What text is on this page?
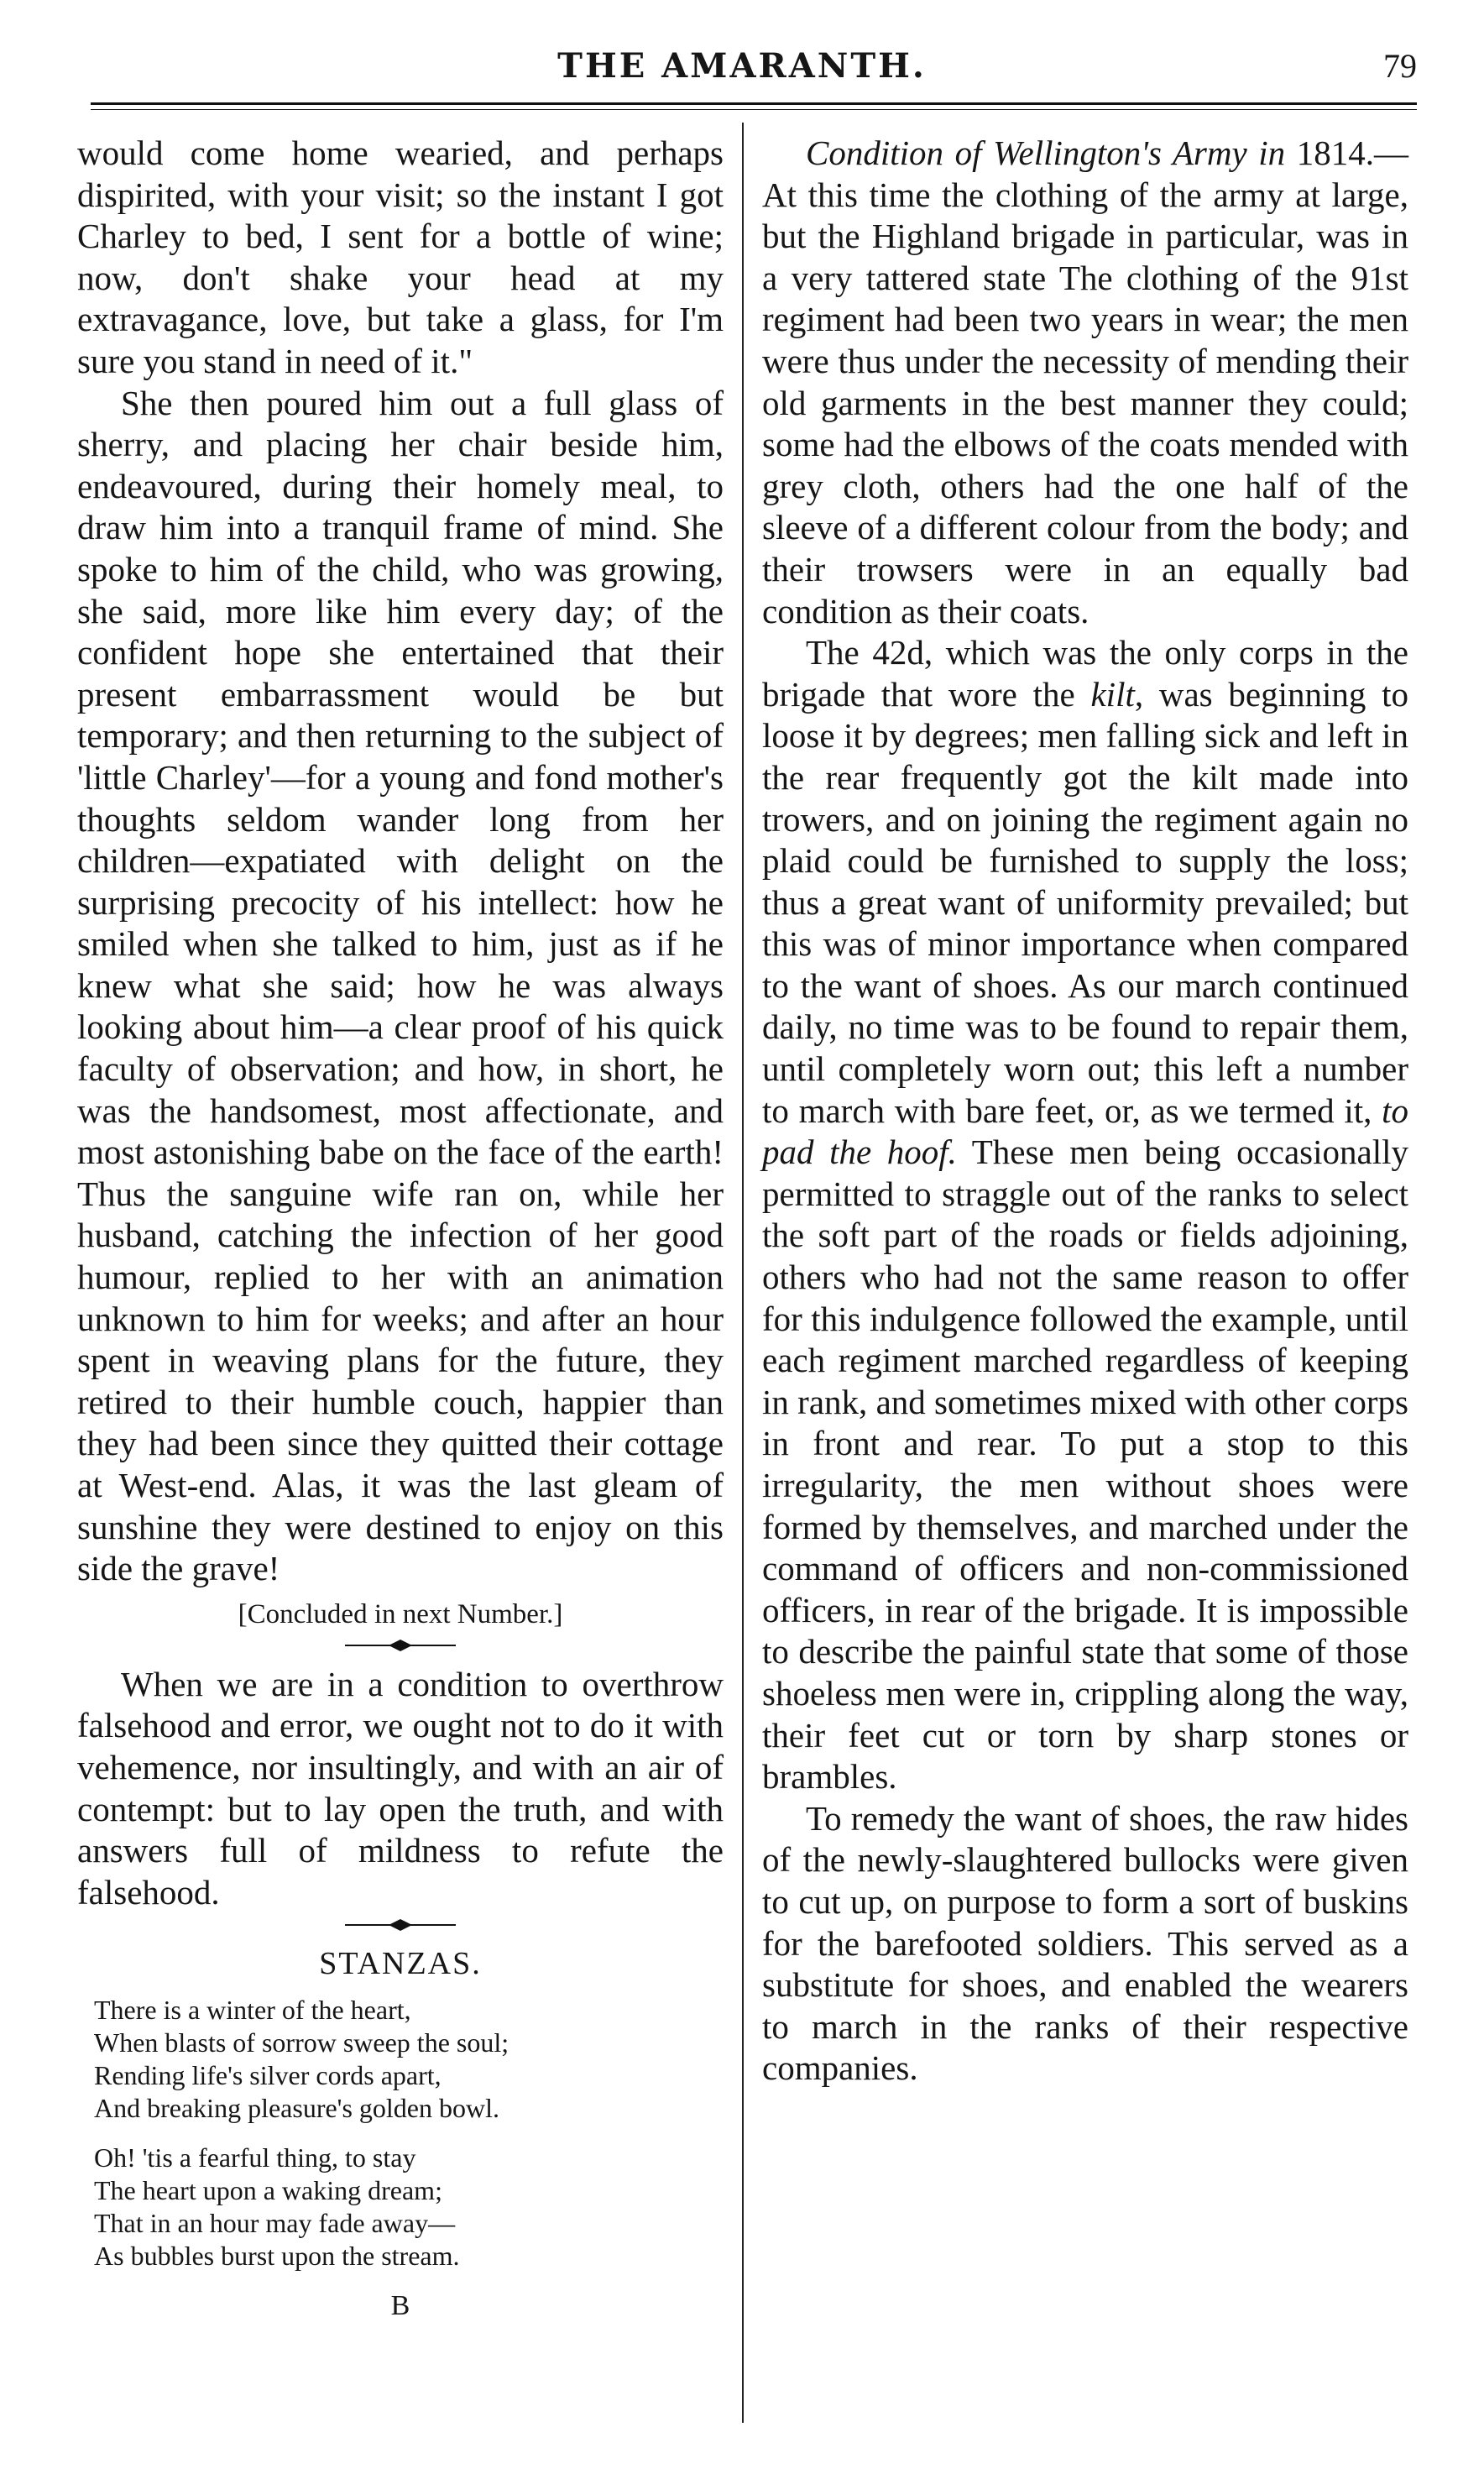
THE AMARANTH.	79

would come home wearied, and perhaps dispirited, with your visit; so the instant I got Charley to bed, I sent for a bottle of wine; now, don't shake your head at my extravagance, love, but take a glass, for I'm sure you stand in need of it."

She then poured him out a full glass of sherry, and placing her chair beside him, endeavoured, during their homely meal, to draw him into a tranquil frame of mind. She spoke to him of the child, who was growing, she said, more like him every day; of the confident hope she entertained that their present embarrassment would be but temporary; and then returning to the subject of 'little Charley'—for a young and fond mother's thoughts seldom wander long from her children—expatiated with delight on the surprising precocity of his intellect: how he smiled when she talked to him, just as if he knew what she said; how he was always looking about him—a clear proof of his quick faculty of observation; and how, in short, he was the handsomest, most affectionate, and most astonishing babe on the face of the earth! Thus the sanguine wife ran on, while her husband, catching the infection of her good humour, replied to her with an animation unknown to him for weeks; and after an hour spent in weaving plans for the future, they retired to their humble couch, happier than they had been since they quitted their cottage at West-end. Alas, it was the last gleam of sunshine they were destined to enjoy on this side the grave!

[Concluded in next Number.]

When we are in a condition to overthrow falsehood and error, we ought not to do it with vehemence, nor insultingly, and with an air of contempt: but to lay open the truth, and with answers full of mildness to refute the falsehood.

STANZAS.
There is a winter of the heart,
When blasts of sorrow sweep the soul;
Rending life's silver cords apart,
And breaking pleasure's golden bowl.
Oh! 'tis a fearful thing, to stay
The heart upon a waking dream;
That in an hour may fade away—
As bubbles burst upon the stream.
B

Condition of Wellington's Army in 1814.—At this time the clothing of the army at large, but the Highland brigade in particular, was in a very tattered state The clothing of the 91st regiment had been two years in wear; the men were thus under the necessity of mending their old garments in the best manner they could; some had the elbows of the coats mended with grey cloth, others had the one half of the sleeve of a different colour from the body; and their trowsers were in an equally bad condition as their coats.

The 42d, which was the only corps in the brigade that wore the kilt, was beginning to loose it by degrees; men falling sick and left in the rear frequently got the kilt made into trowers, and on joining the regiment again no plaid could be furnished to supply the loss; thus a great want of uniformity prevailed; but this was of minor importance when compared to the want of shoes. As our march continued daily, no time was to be found to repair them, until completely worn out; this left a number to march with bare feet, or, as we termed it, to pad the hoof. These men being occasionally permitted to straggle out of the ranks to select the soft part of the roads or fields adjoining, others who had not the same reason to offer for this indulgence followed the example, until each regiment marched regardless of keeping in rank, and sometimes mixed with other corps in front and rear. To put a stop to this irregularity, the men without shoes were formed by themselves, and marched under the command of officers and non-commissioned officers, in rear of the brigade. It is impossible to describe the painful state that some of those shoeless men were in, crippling along the way, their feet cut or torn by sharp stones or brambles.

To remedy the want of shoes, the raw hides of the newly-slaughtered bullocks were given to cut up, on purpose to form a sort of buskins for the barefooted soldiers. This served as a substitute for shoes, and enabled the wearers to march in the ranks of their respective companies.
